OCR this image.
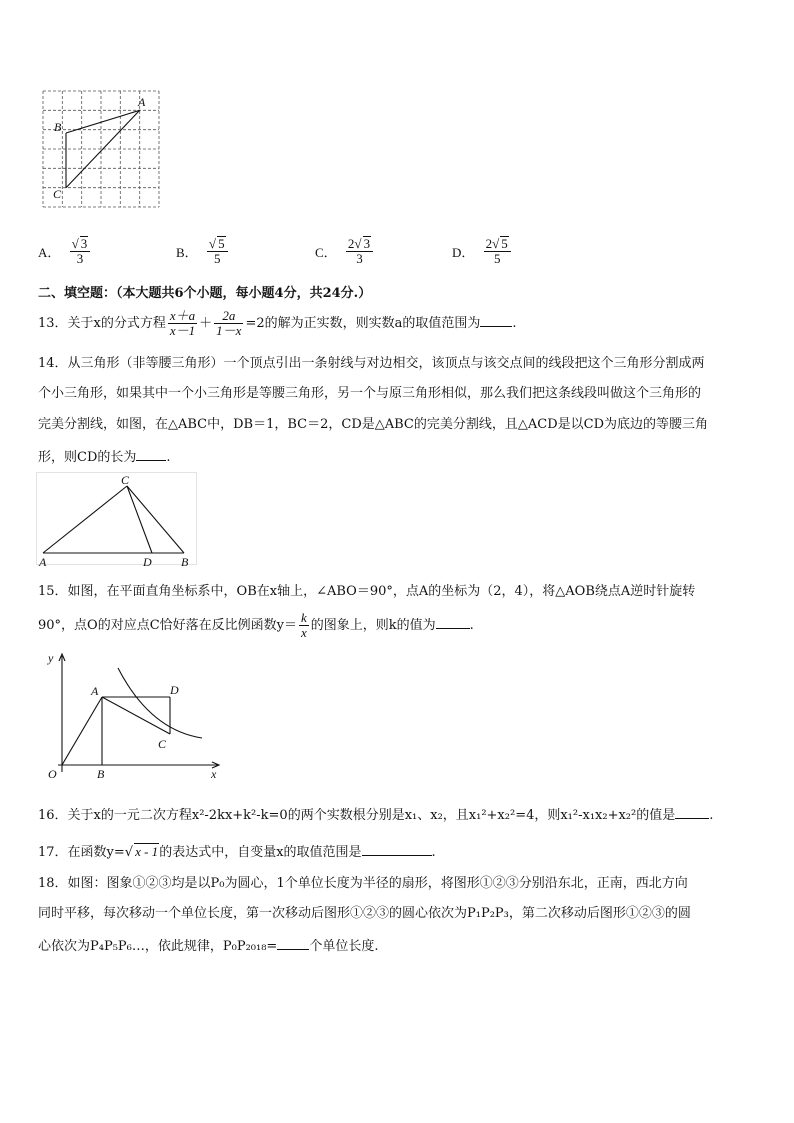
A
B
C
A． $\frac{√ 3}{3}$	B． $\frac{√ 5}{5}$	C． $\frac{2√ 3}{3}$	D． $\frac{2√ 5}{5}$
二、填空题：（本大题共6个小题，每小题4分，共24分.）
13．关于x的分式方程 $\frac{x+a}{x-1} + \frac{2a}{1-x} =2$的解为正实数，则实数a的取值范围为 .
14．从三角形（非等腰三角形）一个顶点引出一条射线与对边相交，该顶点与该交点间的线段把这个三角形分割成两
个小三角形，如果其中一个小三角形是等腰三角形，另一个与原三角形相似，那么我们把这条线段叫做这个三角形的
完美分割线，如图，在△ABC中，DB＝1，BC＝2，CD是△ABC的完美分割线，且△ACD是以CD为底边的等腰三角
形，则CD的长为 .
C
A	D B
15．如图，在平面直角坐标系中，OB在x轴上，∠ABO＝90°，点A的坐标为（2，4），将△AOB绕点A逆时针旋转
90°，点O的对应点C恰好落在反比例函数$y= \frac{k}{x}$ 的图象上，则k的值为	.
y
x
O
A
B
C
D
16．关于x的一元二次方程x²-2kx+k²-k=0的两个实数根分别是x₁、x₂，且x₁²+x₂²=4，则x₁²-x₁x₂+x₂²的值是	.
17．在函数y=√ x - 1的表达式中，自变量x的取值范围是	.
18．如图：图象①②③均是以P₀为圆心，1个单位长度为半径的扇形，将图形①②③分别沿东北，正南，西北方向
同时平移，每次移动一个单位长度，第一次移动后图形①②③的圆心依次为P₁P₂P₃，第二次移动后图形①②③的圆
心依次为P₄P₅P₆…，依此规律，P₀P₂₀₁₈= 个单位长度.
